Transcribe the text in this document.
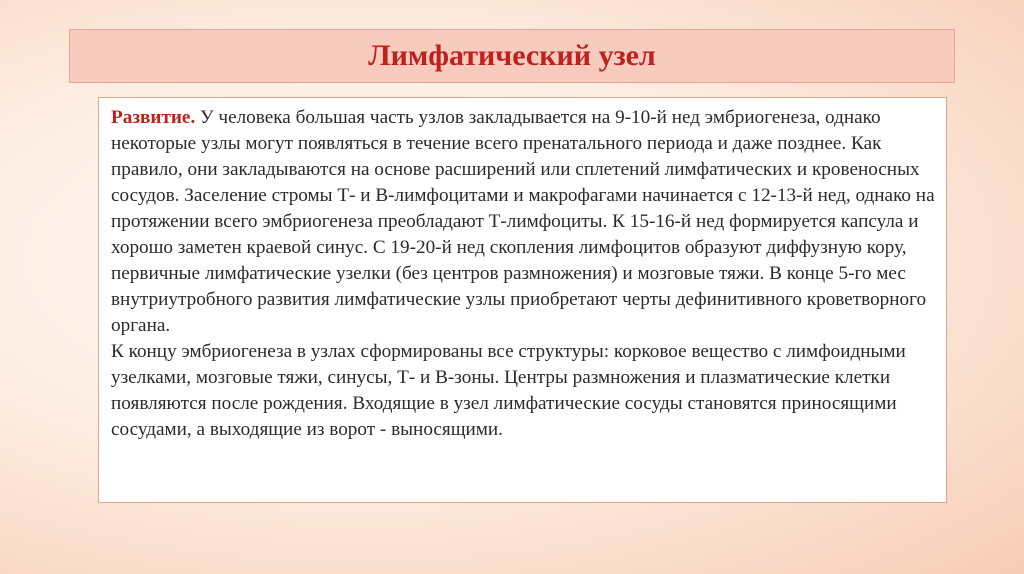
Лимфатический узел

Развитие. У человека большая часть узлов закладывается на 9-10-й нед эмбриогенеза, однако некоторые узлы могут появляться в течение всего пренатального периода и даже позднее. Как правило, они закладываются на основе расширений или сплетений лимфатических и кровеносных сосудов. Заселение стромы Т- и В-лимфоцитами и макрофагами начинается с 12-13-й нед, однако на протяжении всего эмбриогенеза преобладают Т-лимфоциты. К 15-16-й нед формируется капсула и хорошо заметен краевой синус. С 19-20-й нед скопления лимфоцитов образуют диффузную кору, первичные лимфатические узелки (без центров размножения) и мозговые тяжи. В конце 5-го мес внутриутробного развития лимфатические узлы приобретают черты дефинитивного кроветворного органа.

К концу эмбриогенеза в узлах сформированы все структуры: корковое вещество с лимфоидными узелками, мозговые тяжи, синусы, Т- и В-зоны. Центры размножения и плазматические клетки появляются после рождения. Входящие в узел лимфатические сосуды становятся приносящими сосудами, а выходящие из ворот - выносящими.
